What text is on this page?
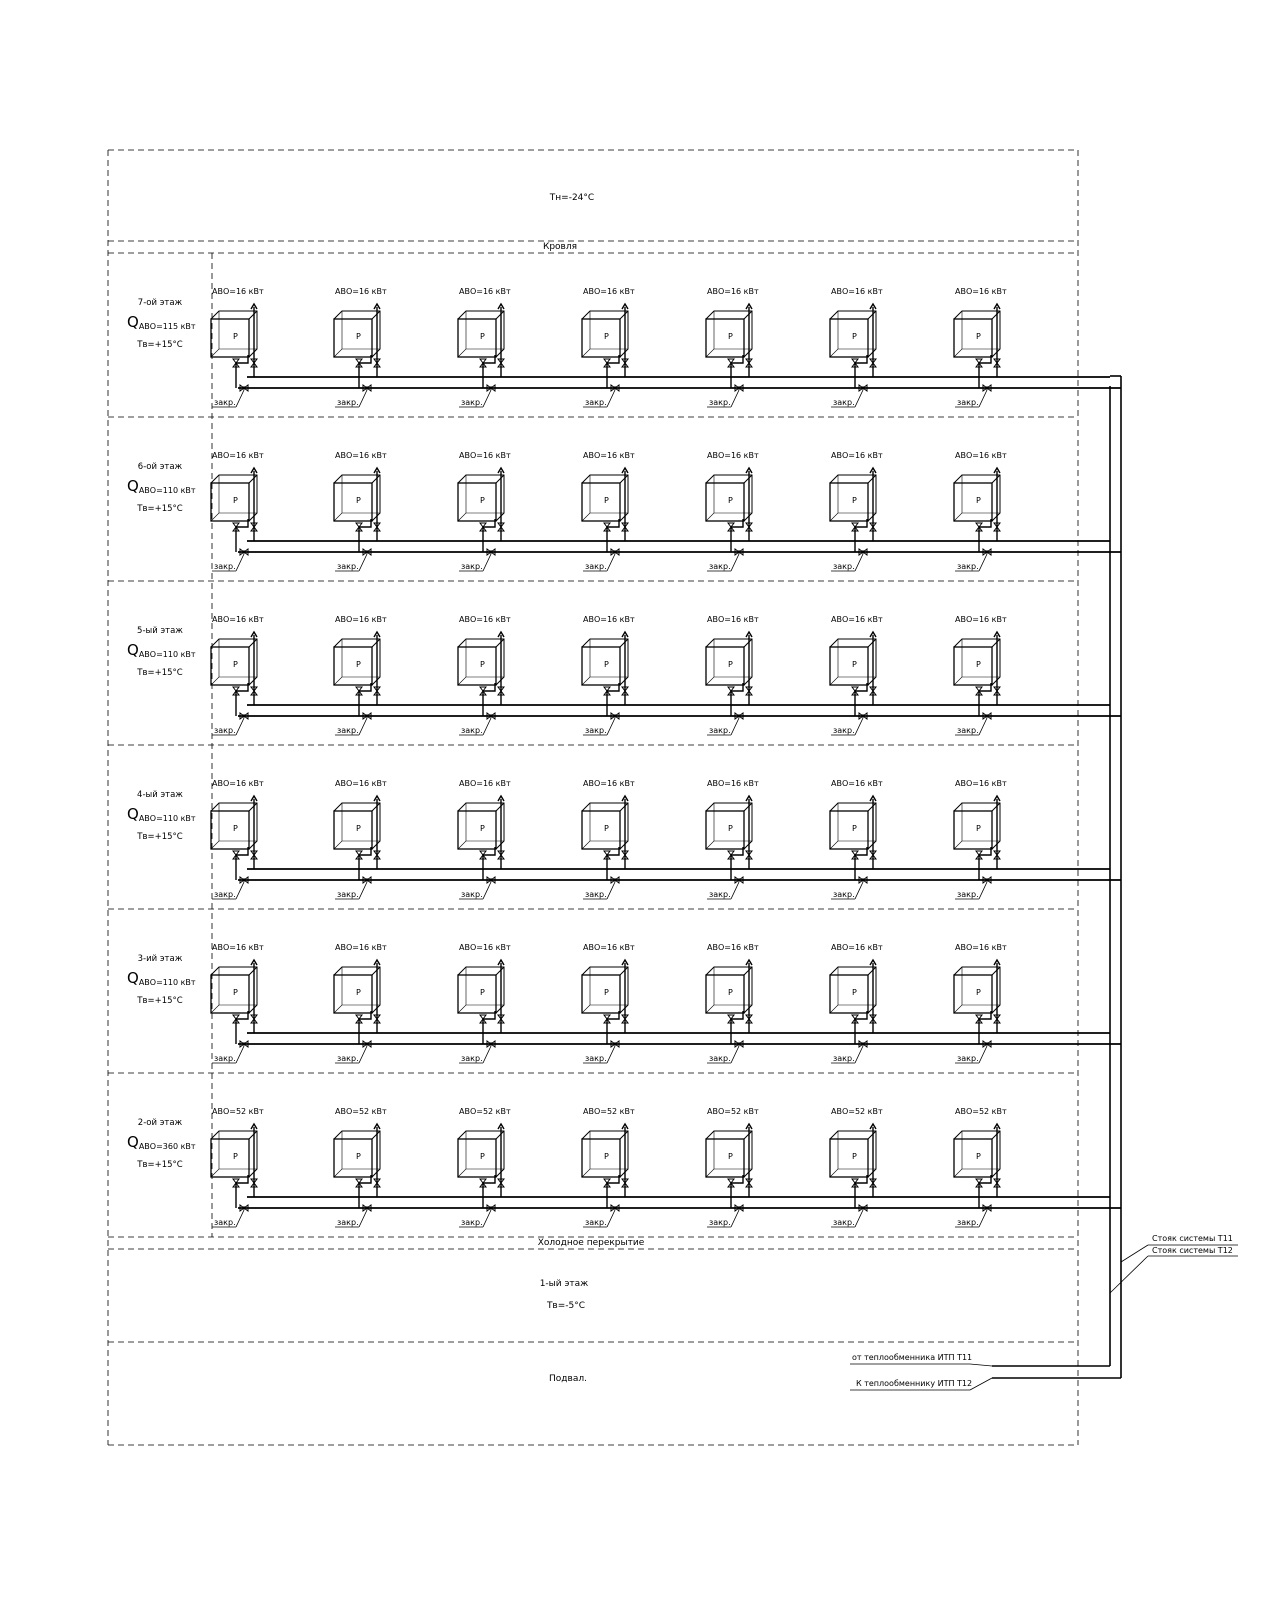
Тн=-24°С
Кровля
Холодное перекрытие
1-ый этаж
Тв=-5°С
Подвал.
Стояк системы Т11
Стояк системы Т12
от теплообменника ИТП Т11
К теплообменнику ИТП Т12
7-ой этаж
QАВО=115 кВт
Тв=+15°С
АВО=16 кВт
Р
закр.
АВО=16 кВт
Р
закр.
АВО=16 кВт
Р
закр.
АВО=16 кВт
Р
закр.
АВО=16 кВт
Р
закр.
АВО=16 кВт
Р
закр.
АВО=16 кВт
Р
закр.
6-ой этаж
QАВО=110 кВт
Тв=+15°С
АВО=16 кВт
Р
закр.
АВО=16 кВт
Р
закр.
АВО=16 кВт
Р
закр.
АВО=16 кВт
Р
закр.
АВО=16 кВт
Р
закр.
АВО=16 кВт
Р
закр.
АВО=16 кВт
Р
закр.
5-ый этаж
QАВО=110 кВт
Тв=+15°С
АВО=16 кВт
Р
закр.
АВО=16 кВт
Р
закр.
АВО=16 кВт
Р
закр.
АВО=16 кВт
Р
закр.
АВО=16 кВт
Р
закр.
АВО=16 кВт
Р
закр.
АВО=16 кВт
Р
закр.
4-ый этаж
QАВО=110 кВт
Тв=+15°С
АВО=16 кВт
Р
закр.
АВО=16 кВт
Р
закр.
АВО=16 кВт
Р
закр.
АВО=16 кВт
Р
закр.
АВО=16 кВт
Р
закр.
АВО=16 кВт
Р
закр.
АВО=16 кВт
Р
закр.
3-ий этаж
QАВО=110 кВт
Тв=+15°С
АВО=16 кВт
Р
закр.
АВО=16 кВт
Р
закр.
АВО=16 кВт
Р
закр.
АВО=16 кВт
Р
закр.
АВО=16 кВт
Р
закр.
АВО=16 кВт
Р
закр.
АВО=16 кВт
Р
закр.
2-ой этаж
QАВО=360 кВт
Тв=+15°С
АВО=52 кВт
Р
закр.
АВО=52 кВт
Р
закр.
АВО=52 кВт
Р
закр.
АВО=52 кВт
Р
закр.
АВО=52 кВт
Р
закр.
АВО=52 кВт
Р
закр.
АВО=52 кВт
Р
закр.
